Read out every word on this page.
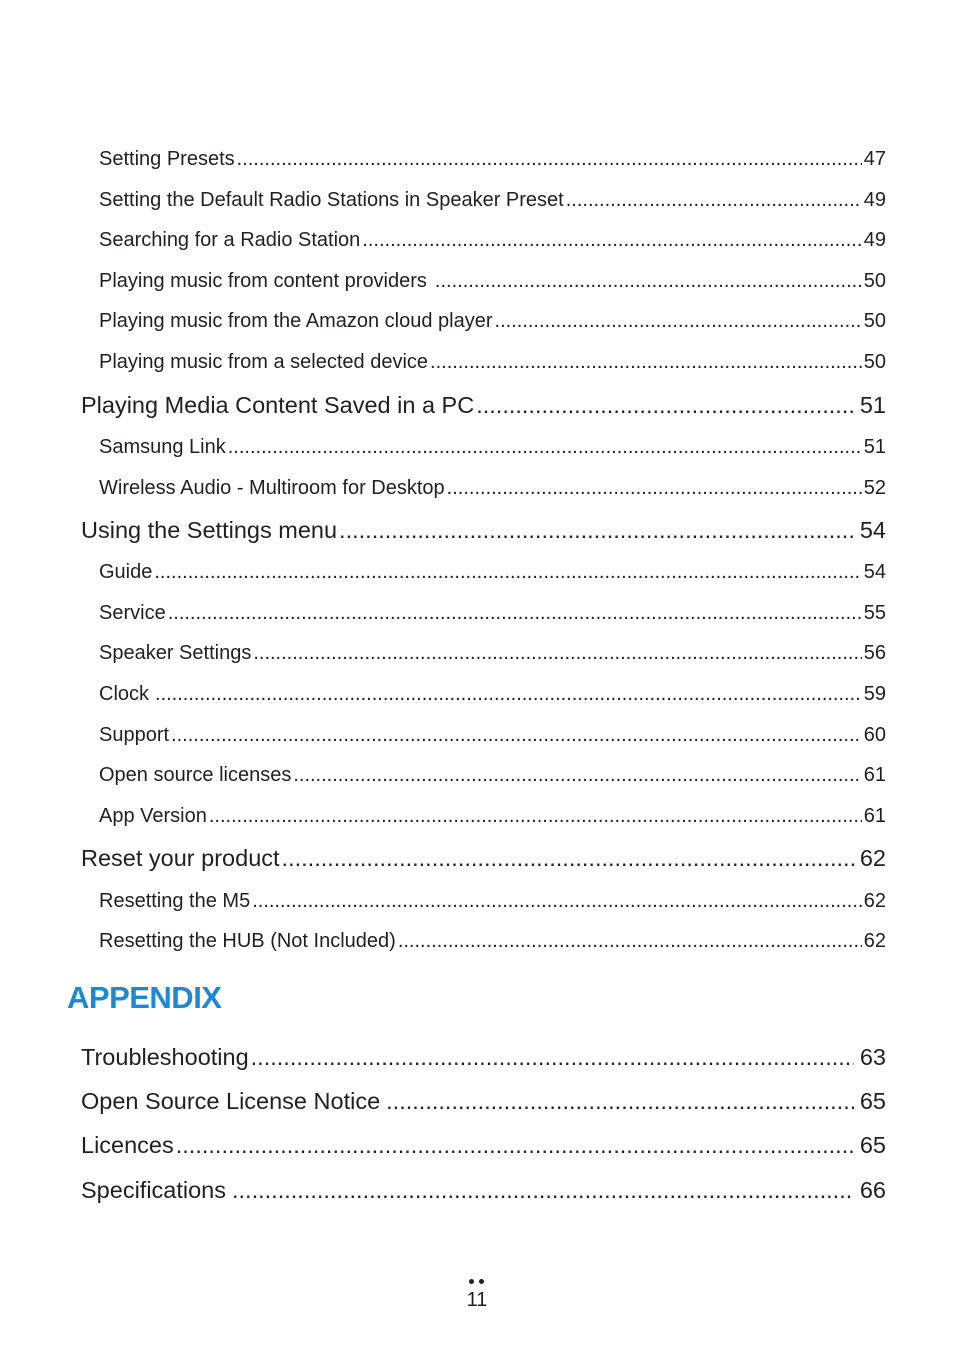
Setting Presets .....	47
Setting the Default Radio Stations in Speaker Preset .....	49
Searching for a Radio Station .....	49
Playing music from content providers .....	50
Playing music from the Amazon cloud player .....	50
Playing music from a selected device .....	50
Playing Media Content Saved in a PC .....	51
Samsung Link .....	51
Wireless Audio - Multiroom for Desktop .....	52
Using the Settings menu .....	54
Guide .....	54
Service .....	55
Speaker Settings .....	56
Clock .....	59
Support .....	60
Open source licenses .....	61
App Version .....	61
Reset your product .....	62
Resetting the M5 .....	62
Resetting the HUB (Not Included) .....	62
APPENDIX
Troubleshooting .....	63
Open Source License Notice .....	65
Licences .....	65
Specifications .....	66
11
